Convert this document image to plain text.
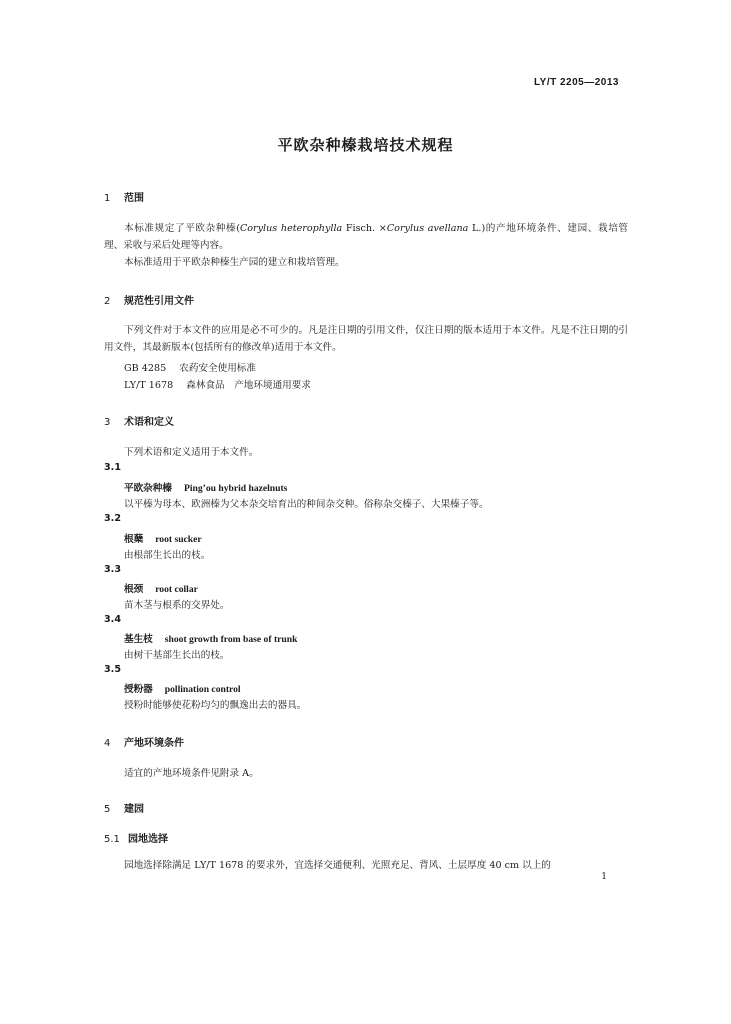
LY/T 2205—2013
平欧杂种榛栽培技术规程
1 范围
本标准规定了平欧杂种榛(Corylus heterophylla Fisch. ×Corylus avellana L.)的产地环境条件、建园、栽培管理、采收与采后处理等内容。
本标准适用于平欧杂种榛生产园的建立和栽培管理。
2 规范性引用文件
下列文件对于本文件的应用是必不可少的。凡是注日期的引用文件，仅注日期的版本适用于本文件。凡是不注日期的引用文件，其最新版本(包括所有的修改单)适用于本文件。
GB 4285 农药安全使用标准
LY/T 1678 森林食品　产地环境通用要求
3 术语和定义
下列术语和定义适用于本文件。
3.1
平欧杂种榛 Ping’ou hybrid hazelnuts
以平榛为母本、欧洲榛为父本杂交培育出的种间杂交种。俗称杂交榛子、大果榛子等。
3.2
根蘖 root sucker
由根部生长出的枝。
3.3
根颈 root collar
苗木茎与根系的交界处。
3.4
基生枝 shoot growth from base of trunk
由树干基部生长出的枝。
3.5
授粉器 pollination control
授粉时能够使花粉均匀的飘逸出去的器具。
4 产地环境条件
适宜的产地环境条件见附录 A。
5 建园
5.1 园地选择
园地选择除满足 LY/T 1678 的要求外，宜选择交通便利、光照充足、背风、土层厚度 40 cm 以上的
1
